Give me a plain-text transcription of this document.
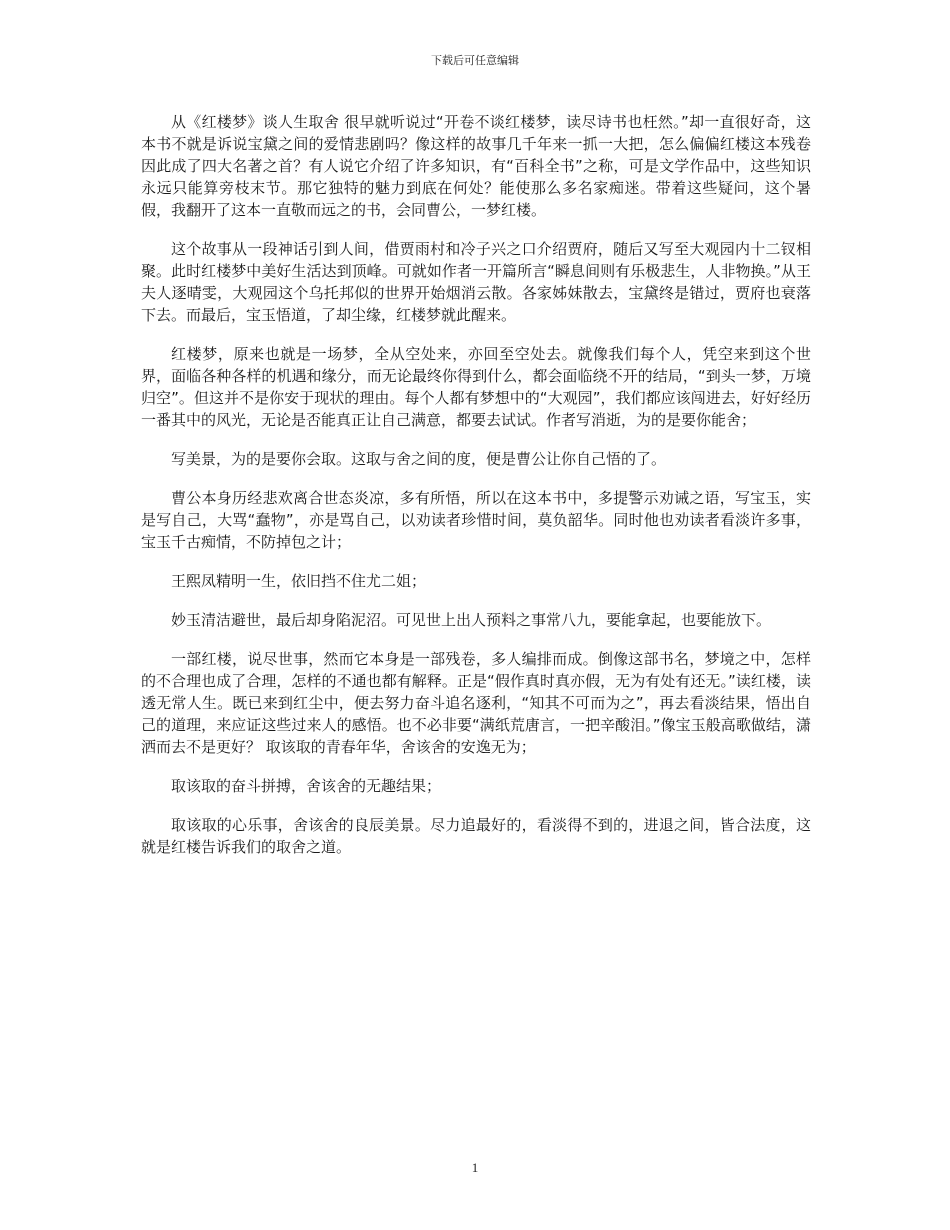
下载后可任意编辑

从《红楼梦》谈人生取舍 很早就听说过“开卷不谈红楼梦，读尽诗书也枉然。”却一直很好奇，这本书不就是诉说宝黛之间的爱情悲剧吗？像这样的故事几千年来一抓一大把，怎么偏偏红楼这本残卷因此成了四大名著之首？有人说它介绍了许多知识，有“百科全书”之称，可是文学作品中，这些知识永远只能算旁枝末节。那它独特的魅力到底在何处？能使那么多名家痴迷。带着这些疑问，这个暑假，我翻开了这本一直敬而远之的书，会同曹公，一梦红楼。

这个故事从一段神话引到人间，借贾雨村和冷子兴之口介绍贾府，随后又写至大观园内十二钗相聚。此时红楼梦中美好生活达到顶峰。可就如作者一开篇所言“瞬息间则有乐极悲生，人非物换。”从王夫人逐晴雯，大观园这个乌托邦似的世界开始烟消云散。各家姊妹散去，宝黛终是错过，贾府也衰落下去。而最后，宝玉悟道，了却尘缘，红楼梦就此醒来。

红楼梦，原来也就是一场梦，全从空处来，亦回至空处去。就像我们每个人，凭空来到这个世界，面临各种各样的机遇和缘分，而无论最终你得到什么，都会面临绕不开的结局，“到头一梦，万境归空”。但这并不是你安于现状的理由。每个人都有梦想中的“大观园”，我们都应该闯进去，好好经历一番其中的风光，无论是否能真正让自己满意，都要去试试。作者写消逝，为的是要你能舍；

写美景，为的是要你会取。这取与舍之间的度，便是曹公让你自己悟的了。

曹公本身历经悲欢离合世态炎凉，多有所悟，所以在这本书中，多提警示劝诫之语，写宝玉，实是写自己，大骂“蠢物”，亦是骂自己，以劝读者珍惜时间，莫负韶华。同时他也劝读者看淡许多事，宝玉千古痴情，不防掉包之计；

王熙凤精明一生，依旧挡不住尤二姐；

妙玉清洁避世，最后却身陷泥沼。可见世上出人预料之事常八九，要能拿起，也要能放下。

一部红楼，说尽世事，然而它本身是一部残卷，多人编排而成。倒像这部书名，梦境之中，怎样的不合理也成了合理，怎样的不通也都有解释。正是“假作真时真亦假，无为有处有还无。”读红楼，读透无常人生。既已来到红尘中，便去努力奋斗追名逐利，“知其不可而为之”，再去看淡结果，悟出自己的道理，来应证这些过来人的感悟。也不必非要“满纸荒唐言，一把辛酸泪。”像宝玉般高歌做结，潇洒而去不是更好？ 取该取的青春年华，舍该舍的安逸无为；

取该取的奋斗拼搏，舍该舍的无趣结果；

取该取的心乐事，舍该舍的良辰美景。尽力追最好的，看淡得不到的，进退之间，皆合法度，这就是红楼告诉我们的取舍之道。

1
